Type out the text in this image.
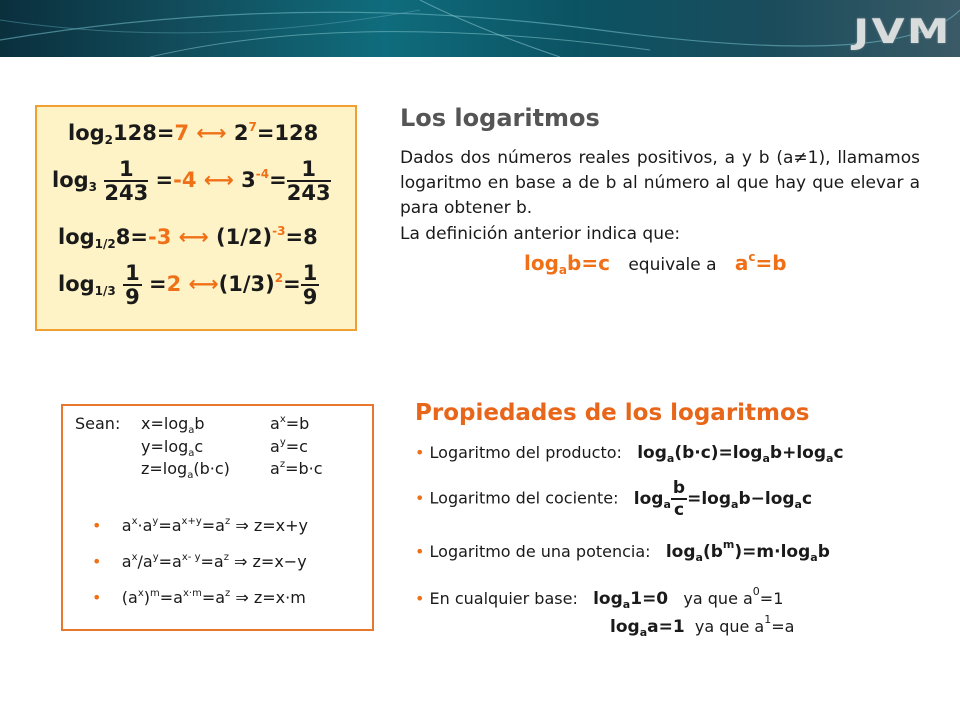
JVM
$\log_2128=7$ ⟷ $2^7=128$
$\log_3 \frac{1}{243} =-4$ ⟷ $3^{-4}= \frac{1}{243}$
$\log_{1/2}8=-3$ ⟷ $(1/2)^{-3}=8$
$\log_{1/3} \frac{1}{9} =2$ $⟷(1/3)^2= \frac{1}{9}$
Los logaritmos
Dados dos números reales positivos, a y b (a≠1), llamamos logaritmo en base a de b al número al que hay que elevar a para obtener b.
La definición anterior indica que:
$\log_ab=c$ equivale a $a^c=b$
Sean: $x=\log_ab$	$a^x=b$
$y=\log_ac$	$a^y=c$
$z=\log_a(b\cdot c)$	$a^z=b\cdot c$
• $a^x\cdot a^y=a^{x+y}=a^z$ ⇒ z=x+y
• $a^x/a^y=a^{x- y}=a^z$ ⇒ z=x−y
• $(a^x)^m=a^{x\cdot m}=a^z$ ⇒ z=x·m
Propiedades de los logaritmos
• Logaritmo del producto: $\log_a(b\cdot c)=\log_ab+\log_ac$
• Logaritmo del cociente: $\log_a \frac{b}{c} =\log_ab-\log_ac$
• Logaritmo de una potencia: $\log_a(b^m)=m\cdot\log_ab$
• En cualquier base: $\log_a1=0$ ya que $a^0=1$
$\log_aa=1$ ya que $a^1=a$
